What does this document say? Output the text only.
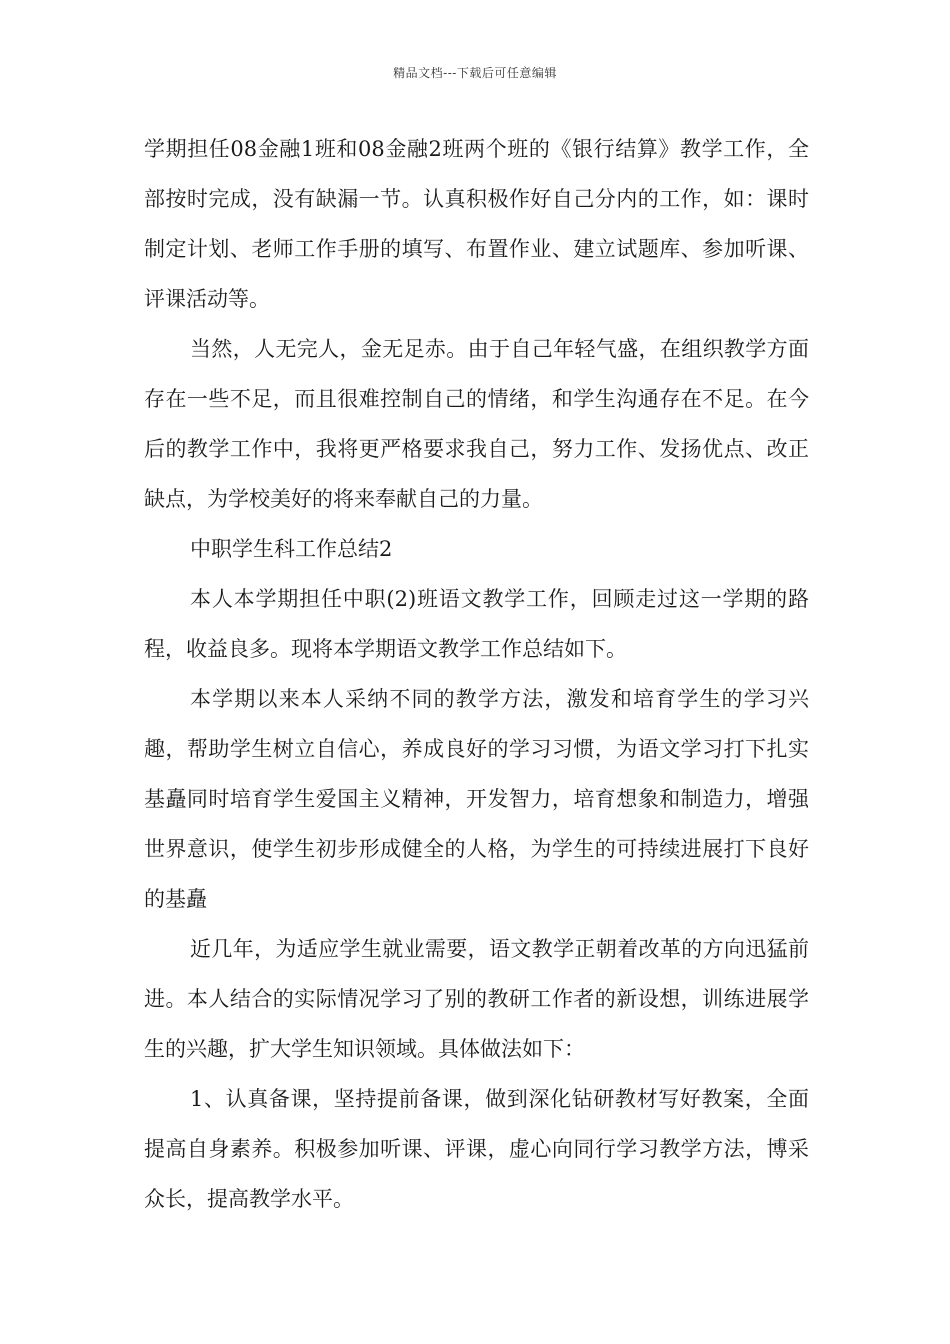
精品文档---下载后可任意编辑

学期担任08金融1班和08金融2班两个班的《银行结算》教学工作，全部按时完成，没有缺漏一节。认真积极作好自己分内的工作，如：课时制定计划、老师工作手册的填写、布置作业、建立试题库、参加听课、评课活动等。

当然，人无完人，金无足赤。由于自己年轻气盛，在组织教学方面存在一些不足，而且很难控制自己的情绪，和学生沟通存在不足。在今后的教学工作中，我将更严格要求我自己，努力工作、发扬优点、改正缺点，为学校美好的将来奉献自己的力量。

中职学生科工作总结2

本人本学期担任中职(2)班语文教学工作，回顾走过这一学期的路程，收益良多。现将本学期语文教学工作总结如下。

本学期以来本人采纳不同的教学方法，激发和培育学生的学习兴趣，帮助学生树立自信心，养成良好的学习习惯，为语文学习打下扎实基矗同时培育学生爱国主义精神，开发智力，培育想象和制造力，增强世界意识，使学生初步形成健全的人格，为学生的可持续进展打下良好的基矗

近几年，为适应学生就业需要，语文教学正朝着改革的方向迅猛前进。本人结合的实际情况学习了别的教研工作者的新设想，训练进展学生的兴趣，扩大学生知识领域。具体做法如下：

1、认真备课，坚持提前备课，做到深化钻研教材写好教案，全面提高自身素养。积极参加听课、评课，虚心向同行学习教学方法，博采众长，提高教学水平。
